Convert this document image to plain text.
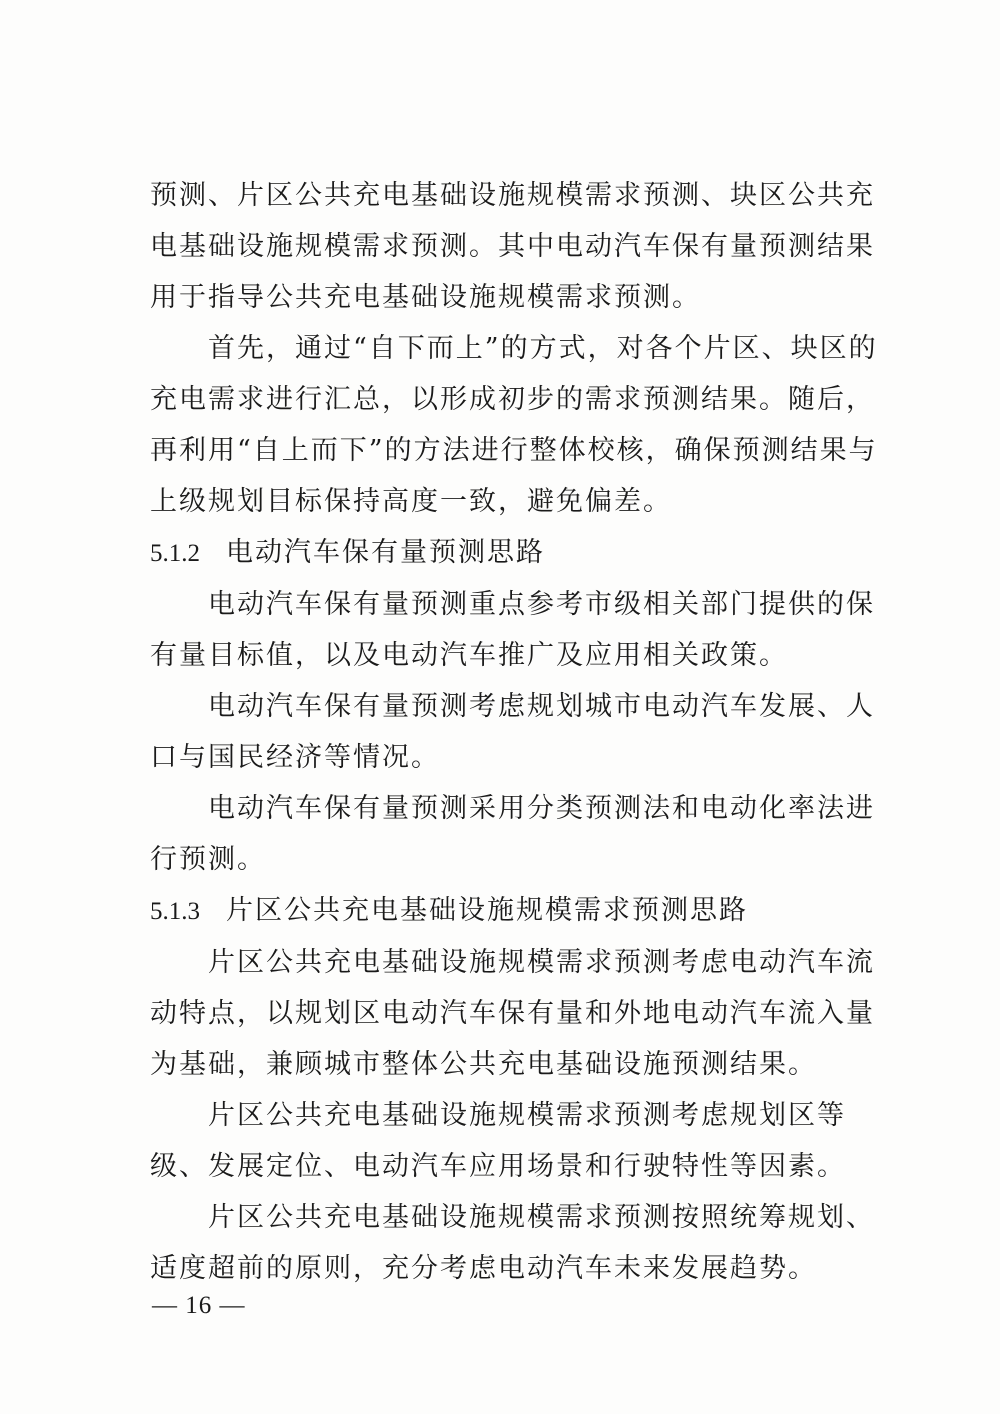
预测、片区公共充电基础设施规模需求预测、块区公共充电基础设施规模需求预测。其中电动汽车保有量预测结果用于指导公共充电基础设施规模需求预测。

首先，通过“自下而上”的方式，对各个片区、块区的充电需求进行汇总，以形成初步的需求预测结果。随后，再利用“自上而下”的方法进行整体校核，确保预测结果与上级规划目标保持高度一致，避免偏差。

5.1.2 电动汽车保有量预测思路

电动汽车保有量预测重点参考市级相关部门提供的保有量目标值，以及电动汽车推广及应用相关政策。

电动汽车保有量预测考虑规划城市电动汽车发展、人口与国民经济等情况。

电动汽车保有量预测采用分类预测法和电动化率法进行预测。

5.1.3 片区公共充电基础设施规模需求预测思路

片区公共充电基础设施规模需求预测考虑电动汽车流动特点，以规划区电动汽车保有量和外地电动汽车流入量为基础，兼顾城市整体公共充电基础设施预测结果。

片区公共充电基础设施规模需求预测考虑规划区等级、发展定位、电动汽车应用场景和行驶特性等因素。

片区公共充电基础设施规模需求预测按照统筹规划、适度超前的原则，充分考虑电动汽车未来发展趋势。

— 16 —
